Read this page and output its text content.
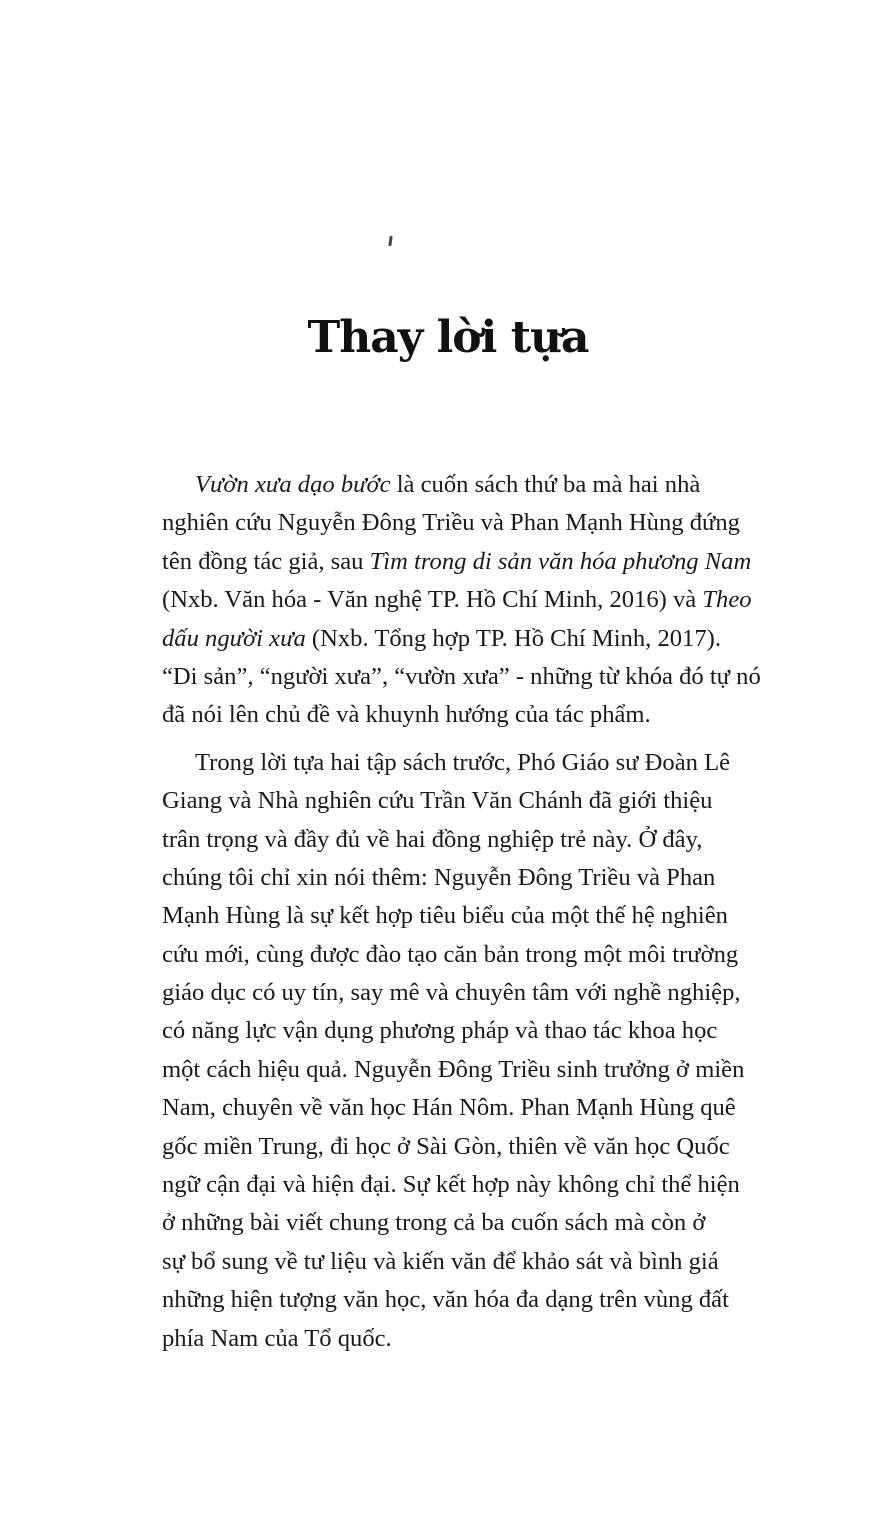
Thay lời tựa
Vườn xưa dạo bước là cuốn sách thứ ba mà hai nhà
nghiên cứu Nguyễn Đông Triều và Phan Mạnh Hùng đứng
tên đồng tác giả, sau Tìm trong di sản văn hóa phương Nam
(Nxb. Văn hóa - Văn nghệ TP. Hồ Chí Minh, 2016) và Theo
dấu người xưa (Nxb. Tổng hợp TP. Hồ Chí Minh, 2017).
“Di sản”, “người xưa”, “vườn xưa” - những từ khóa đó tự nó
đã nói lên chủ đề và khuynh hướng của tác phẩm.
Trong lời tựa hai tập sách trước, Phó Giáo sư Đoàn Lê
Giang và Nhà nghiên cứu Trần Văn Chánh đã giới thiệu
trân trọng và đầy đủ về hai đồng nghiệp trẻ này. Ở đây,
chúng tôi chỉ xin nói thêm: Nguyễn Đông Triều và Phan
Mạnh Hùng là sự kết hợp tiêu biểu của một thế hệ nghiên
cứu mới, cùng được đào tạo căn bản trong một môi trường
giáo dục có uy tín, say mê và chuyên tâm với nghề nghiệp,
có năng lực vận dụng phương pháp và thao tác khoa học
một cách hiệu quả. Nguyễn Đông Triều sinh trưởng ở miền
Nam, chuyên về văn học Hán Nôm. Phan Mạnh Hùng quê
gốc miền Trung, đi học ở Sài Gòn, thiên về văn học Quốc
ngữ cận đại và hiện đại. Sự kết hợp này không chỉ thể hiện
ở những bài viết chung trong cả ba cuốn sách mà còn ở
sự bổ sung về tư liệu và kiến văn để khảo sát và bình giá
những hiện tượng văn học, văn hóa đa dạng trên vùng đất
phía Nam của Tổ quốc.
